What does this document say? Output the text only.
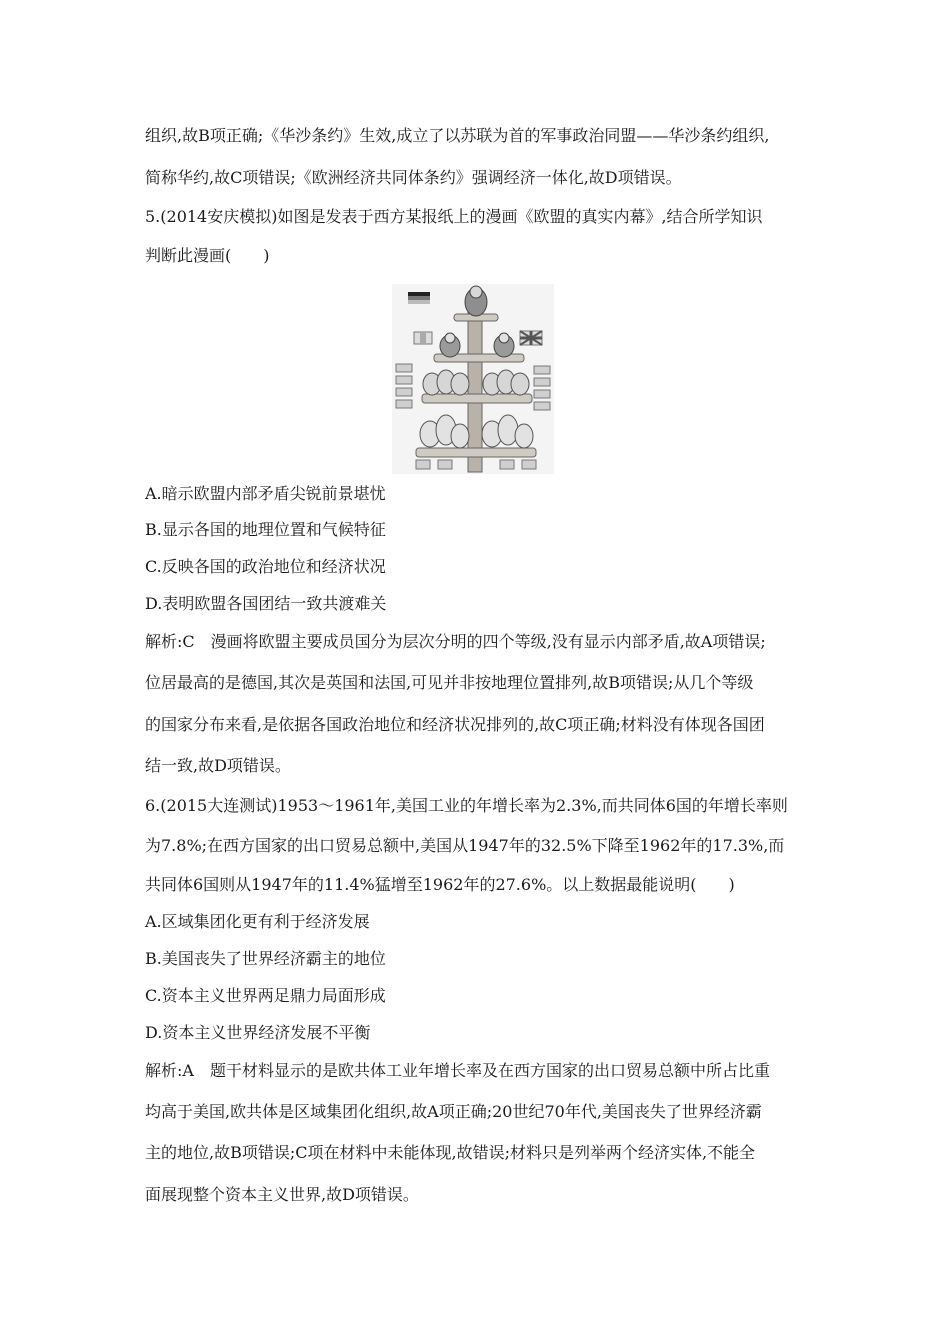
组织,故B项正确;《华沙条约》生效,成立了以苏联为首的军事政治同盟——华沙条约组织,
简称华约,故C项错误;《欧洲经济共同体条约》强调经济一体化,故D项错误。
5.(2014安庆模拟)如图是发表于西方某报纸上的漫画《欧盟的真实内幕》,结合所学知识
判断此漫画(　　)
A.暗示欧盟内部矛盾尖锐前景堪忧
B.显示各国的地理位置和气候特征
C.反映各国的政治地位和经济状况
D.表明欧盟各国团结一致共渡难关
解析:C　漫画将欧盟主要成员国分为层次分明的四个等级,没有显示内部矛盾,故A项错误;
位居最高的是德国,其次是英国和法国,可见并非按地理位置排列,故B项错误;从几个等级
的国家分布来看,是依据各国政治地位和经济状况排列的,故C项正确;材料没有体现各国团
结一致,故D项错误。
6.(2015大连测试)1953～1961年,美国工业的年增长率为2.3%,而共同体6国的年增长率则
为7.8%;在西方国家的出口贸易总额中,美国从1947年的32.5%下降至1962年的17.3%,而
共同体6国则从1947年的11.4%猛增至1962年的27.6%。以上数据最能说明(　　)
A.区域集团化更有利于经济发展
B.美国丧失了世界经济霸主的地位
C.资本主义世界两足鼎力局面形成
D.资本主义世界经济发展不平衡
解析:A　题干材料显示的是欧共体工业年增长率及在西方国家的出口贸易总额中所占比重
均高于美国,欧共体是区域集团化组织,故A项正确;20世纪70年代,美国丧失了世界经济霸
主的地位,故B项错误;C项在材料中未能体现,故错误;材料只是列举两个经济实体,不能全
面展现整个资本主义世界,故D项错误。
